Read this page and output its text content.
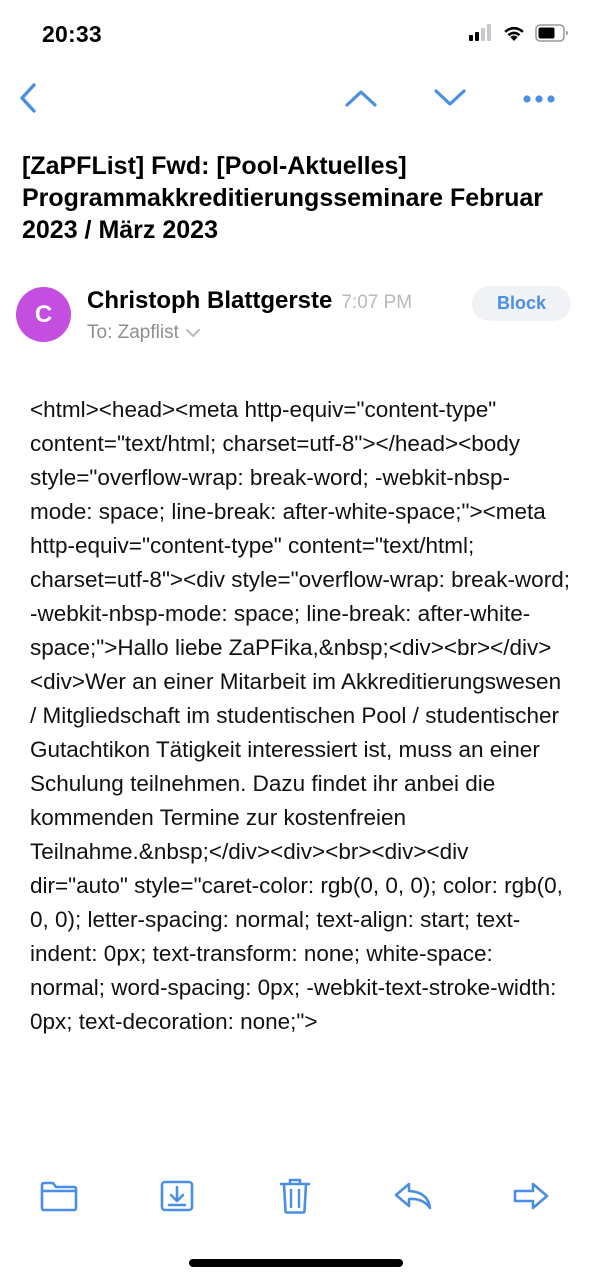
20:33
[ZaPFList] Fwd: [Pool-Aktuelles] Programmakkreditierungsseminare Februar 2023 / März 2023
C	Christoph Blattgerste 7:07 PM	Block
To: Zapflist

<html><head><meta http-equiv="content-type" content="text/html; charset=utf-8"></head><body style="overflow-wrap: break-word; -webkit-nbsp-mode: space; line-break: after-white-space;"><meta http-equiv="content-type" content="text/html; charset=utf-8"><div style="overflow-wrap: break-word; -webkit-nbsp-mode: space; line-break: after-white-space;">Hallo liebe ZaPFika,&nbsp;<div><br></div><div>Wer an einer Mitarbeit im Akkreditierungswesen / Mitgliedschaft im studentischen Pool / studentischer Gutachtikon Tätigkeit interessiert ist, muss an einer Schulung teilnehmen. Dazu findet ihr anbei die kommenden Termine zur kostenfreien Teilnahme.&nbsp;</div><div><br><div><div dir="auto" style="caret-color: rgb(0, 0, 0); color: rgb(0, 0, 0); letter-spacing: normal; text-align: start; text-indent: 0px; text-transform: none; white-space: normal; word-spacing: 0px; -webkit-text-stroke-width: 0px; text-decoration: none;">
